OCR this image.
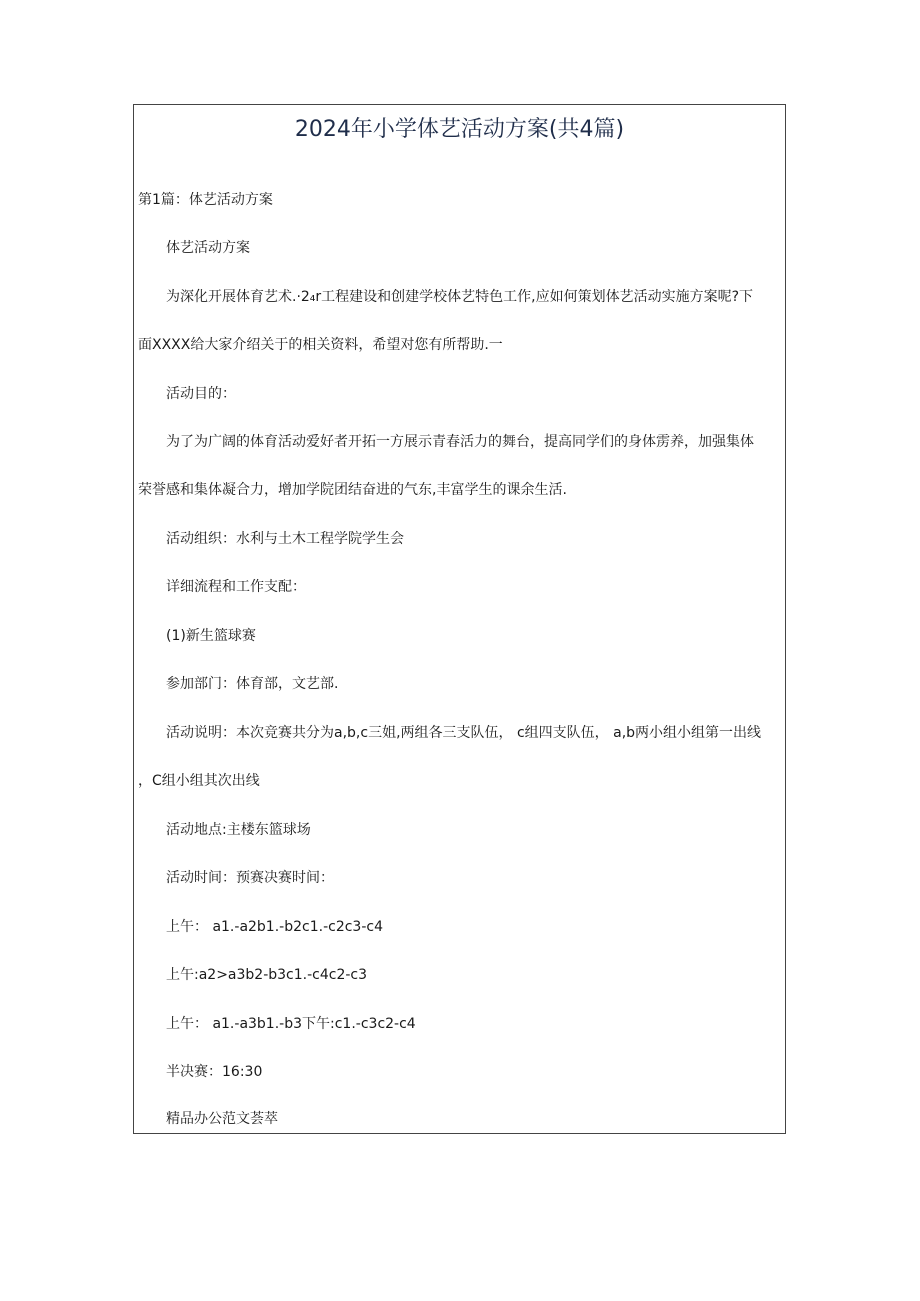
2024年小学体艺活动方案(共4篇)
第1篇：体艺活动方案
体艺活动方案
为深化开展体育艺术.·2₄r工程建设和创建学校体艺特色工作,应如何策划体艺活动实施方案呢?下
面XXXX给大家介绍关于的相关资料，希望对您有所帮助.一
活动目的：
为了为广阔的体育活动爱好者开拓一方展示青春活力的舞台，提高同学们的身体雳养，加强集体
荣誉感和集体凝合力，增加学院团结奋进的气东,丰富学生的课余生活.
活动组织：水利与土木工程学院学生会
详细流程和工作支配：
(1)新生篮球赛
参加部门：体育部，文艺部.
活动说明：本次竞赛共分为a,b,c三姐,两组各三支队伍， c组四支队伍， a,b两小组小组第一出线
，C组小组其次出线
活动地点:主楼东篮球场
活动时间：预赛决赛时间：
上午： a1.-a2b1.-b2c1.-c2c3-c4
上午:a2>a3b2-b3c1.-c4c2-c3
上午： a1.-a3b1.-b3下午:c1.-c3c2-c4
半决赛：16:30
精品办公范文荟萃
